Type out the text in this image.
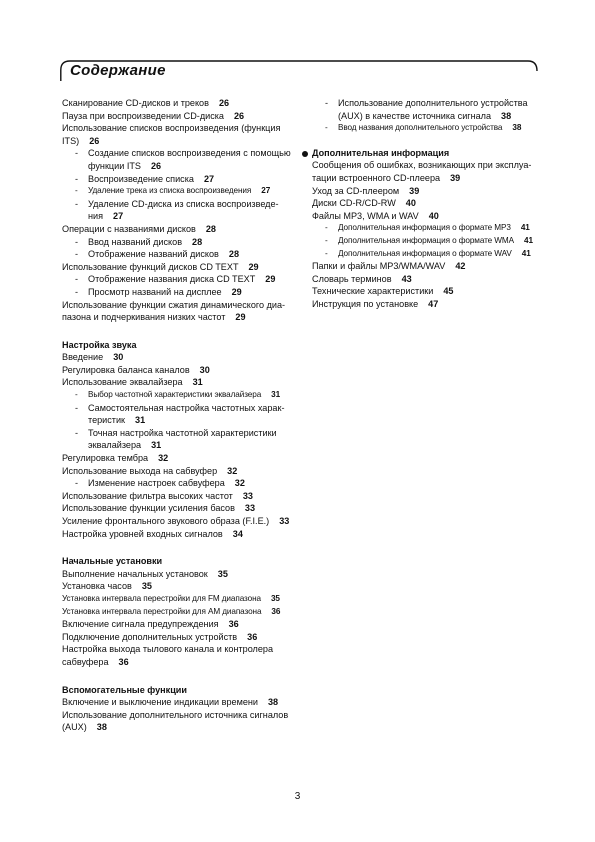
Содержание
Сканирование CD-дисков и треков 26
Пауза при воспроизведении CD-диска 26
Использование списков воспроизведения (функция ITS) 26
- Создание списков воспроизведения с помощью функции ITS 26
- Воспроизведение списка 27
- Удаление трека из списка воспроизведения 27
- Удаление CD-диска из списка воспроизведения 27
Операции с названиями дисков 28
- Ввод названий дисков 28
- Отображение названий дисков 28
Использование функций дисков CD TEXT 29
- Отображение названия диска CD TEXT 29
- Просмотр названий на дисплее 29
Использование функции сжатия динамического диапазона и подчеркивания низких частот 29
Настройка звука
Введение 30
Регулировка баланса каналов 30
Использование эквалайзера 31
- Выбор частотной характеристики эквалайзера 31
- Самостоятельная настройка частотных характеристик 31
- Точная настройка частотной характеристики эквалайзера 31
Регулировка тембра 32
Использование выхода на сабвуфер 32
- Изменение настроек сабвуфера 32
Использование фильтра высоких частот 33
Использование функции усиления басов 33
Усиление фронтального звукового образа (F.I.E.) 33
Настройка уровней входных сигналов 34
Начальные установки
Выполнение начальных установок 35
Установка часов 35
Установка интервала перестройки для FM диапазона 35
Установка интервала перестройки для AM диапазона 36
Включение сигнала предупреждения 36
Подключение дополнительных устройств 36
Настройка выхода тылового канала и контролера сабвуфера 36
Вспомогательные функции
Включение и выключение индикации времени 38
Использование дополнительного источника сигналов (AUX) 38
- Использование дополнительного устройства (AUX) в качестве источника сигнала 38
- Ввод названия дополнительного устройства 38
Дополнительная информация
Сообщения об ошибках, возникающих при эксплуатации встроенного CD-плеера 39
Уход за CD-плеером 39
Диски CD-R/CD-RW 40
Файлы MP3, WMA и WAV 40
- Дополнительная информация о формате MP3 41
- Дополнительная информация о формате WMA 41
- Дополнительная информация о формате WAV 41
Папки и файлы MP3/WMA/WAV 42
Словарь терминов 43
Технические характеристики 45
Инструкция по установке 47
3
